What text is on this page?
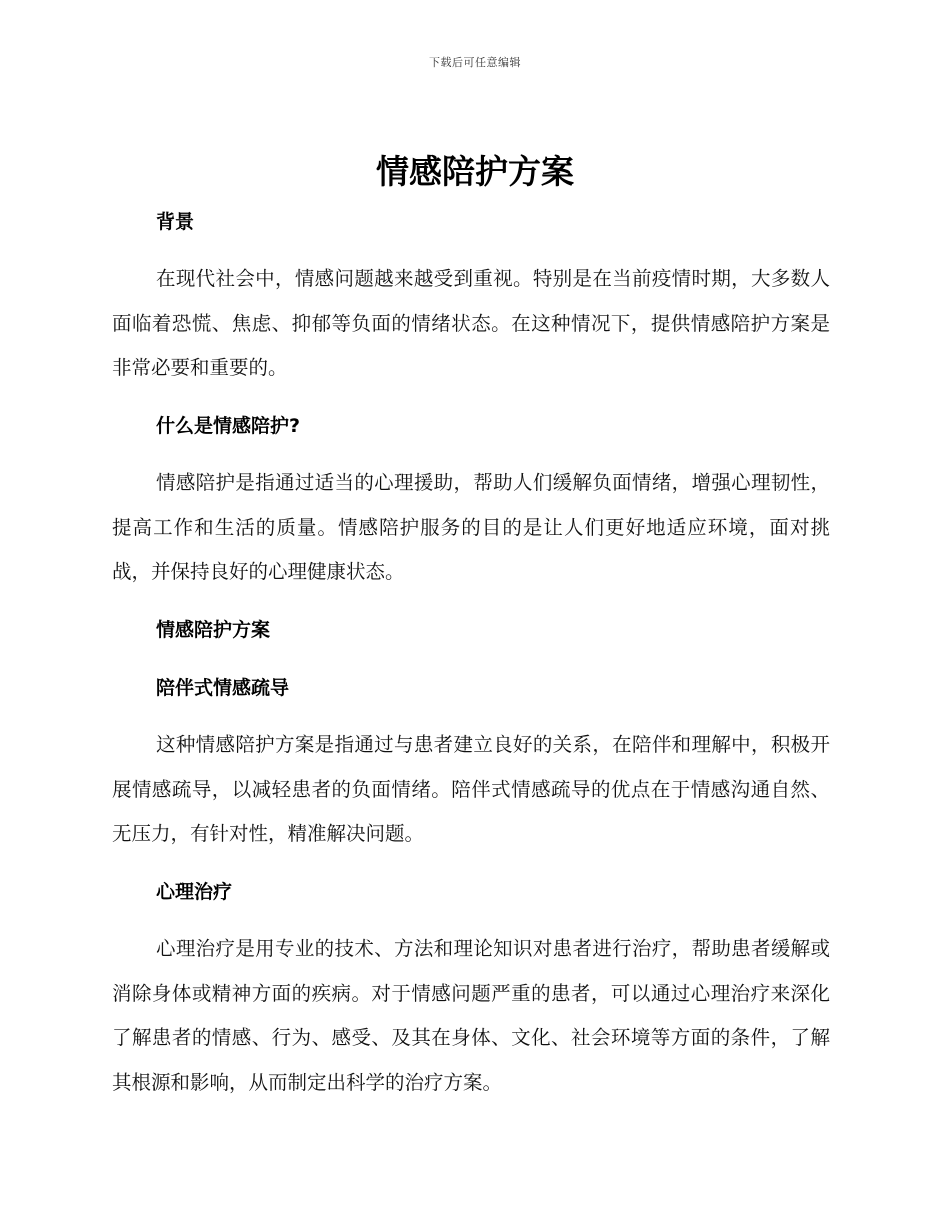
下载后可任意编辑
情感陪护方案
背景

在现代社会中，情感问题越来越受到重视。特别是在当前疫情时期，大多数人面临着恐慌、焦虑、抑郁等负面的情绪状态。在这种情况下，提供情感陪护方案是非常必要和重要的。

什么是情感陪护?

情感陪护是指通过适当的心理援助，帮助人们缓解负面情绪，增强心理韧性，提高工作和生活的质量。情感陪护服务的目的是让人们更好地适应环境，面对挑战，并保持良好的心理健康状态。

情感陪护方案
陪伴式情感疏导

这种情感陪护方案是指通过与患者建立良好的关系，在陪伴和理解中，积极开展情感疏导，以减轻患者的负面情绪。陪伴式情感疏导的优点在于情感沟通自然、无压力，有针对性，精准解决问题。

心理治疗

心理治疗是用专业的技术、方法和理论知识对患者进行治疗，帮助患者缓解或消除身体或精神方面的疾病。对于情感问题严重的患者，可以通过心理治疗来深化了解患者的情感、行为、感受、及其在身体、文化、社会环境等方面的条件，了解其根源和影响，从而制定出科学的治疗方案。
